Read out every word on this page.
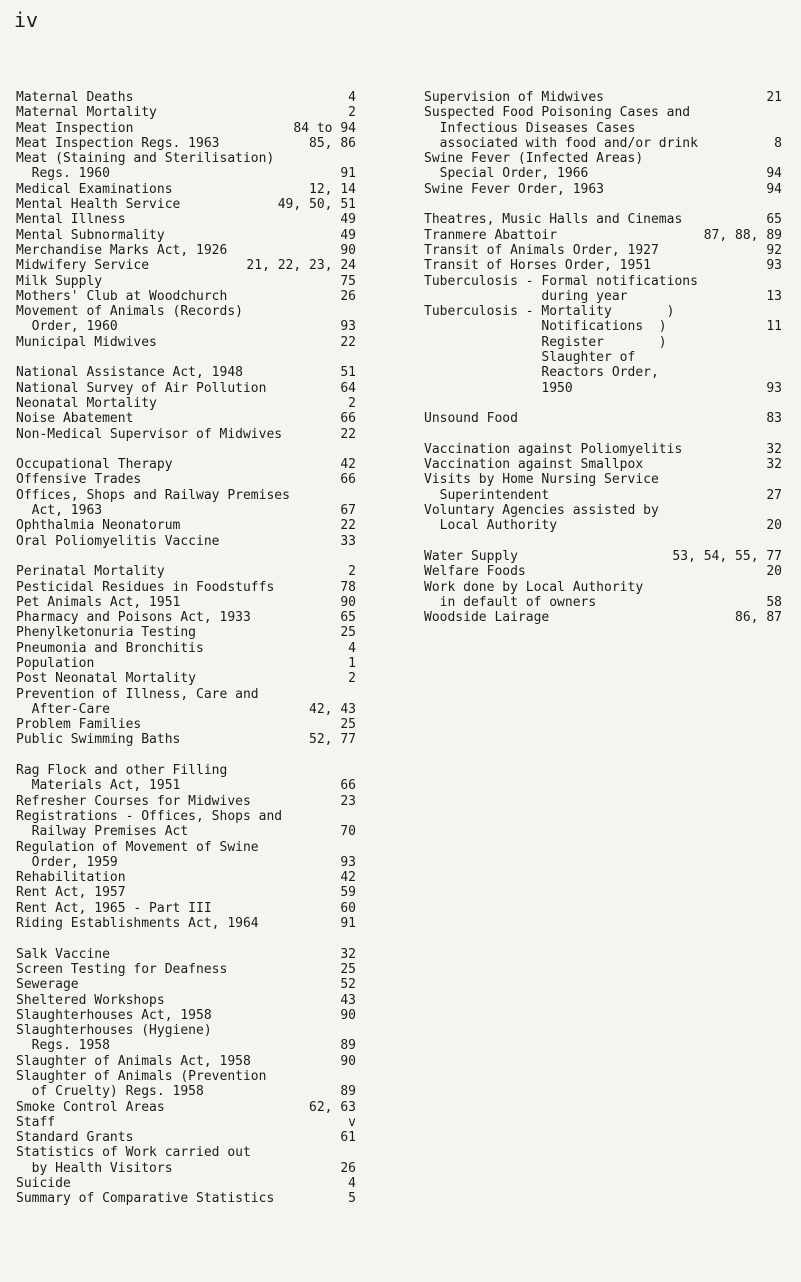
iv
Maternal Deaths	4
Maternal Mortality	2
Meat Inspection	84 to 94
Meat Inspection Regs. 1963	85, 86
Meat (Staining and Sterilisation)
Regs. 1960	91
Medical Examinations	12, 14
Mental Health Service	49, 50, 51
Mental Illness	49
Mental Subnormality	49
Merchandise Marks Act, 1926	90
Midwifery Service	21, 22, 23, 24
Milk Supply	75
Mothers' Club at Woodchurch	26
Movement of Animals (Records)
Order, 1960	93
Municipal Midwives	22
National Assistance Act, 1948	51
National Survey of Air Pollution	64
Neonatal Mortality	2
Noise Abatement	66
Non-Medical Supervisor of Midwives	22
Occupational Therapy	42
Offensive Trades	66
Offices, Shops and Railway Premises
Act, 1963	67
Ophthalmia Neonatorum	22
Oral Poliomyelitis Vaccine	33
Perinatal Mortality	2
Pesticidal Residues in Foodstuffs	78
Pet Animals Act, 1951	90
Pharmacy and Poisons Act, 1933	65
Phenylketonuria Testing	25
Pneumonia and Bronchitis	4
Population	1
Post Neonatal Mortality	2
Prevention of Illness, Care and
After-Care	42, 43
Problem Families	25
Public Swimming Baths	52, 77
Rag Flock and other Filling
Materials Act, 1951	66
Refresher Courses for Midwives	23
Registrations - Offices, Shops and
Railway Premises Act	70
Regulation of Movement of Swine
Order, 1959	93
Rehabilitation	42
Rent Act, 1957	59
Rent Act, 1965 - Part III	60
Riding Establishments Act, 1964	91
Salk Vaccine	32
Screen Testing for Deafness	25
Sewerage	52
Sheltered Workshops	43
Slaughterhouses Act, 1958	90
Slaughterhouses (Hygiene)
Regs. 1958	89
Slaughter of Animals Act, 1958	90
Slaughter of Animals (Prevention
of Cruelty) Regs. 1958	89
Smoke Control Areas	62, 63
Staff	v
Standard Grants	61
Statistics of Work carried out
by Health Visitors	26
Suicide	4
Summary of Comparative Statistics	5
Supervision of Midwives	21
Suspected Food Poisoning Cases and
Infectious Diseases Cases
associated with food and/or drink	8
Swine Fever (Infected Areas)
Special Order, 1966	94
Swine Fever Order, 1963	94
Theatres, Music Halls and Cinemas	65
Tranmere Abattoir	87, 88, 89
Transit of Animals Order, 1927	92
Transit of Horses Order, 1951	93
Tuberculosis - Formal notifications
during year	13
Tuberculosis - Mortality       )
Notifications  )	11
Register       )
Slaughter of
Reactors Order,
1950	93
Unsound Food	83
Vaccination against Poliomyelitis	32
Vaccination against Smallpox	32
Visits by Home Nursing Service
Superintendent	27
Voluntary Agencies assisted by
Local Authority	20
Water Supply	53, 54, 55, 77
Welfare Foods	20
Work done by Local Authority
in default of owners	58
Woodside Lairage	86, 87
